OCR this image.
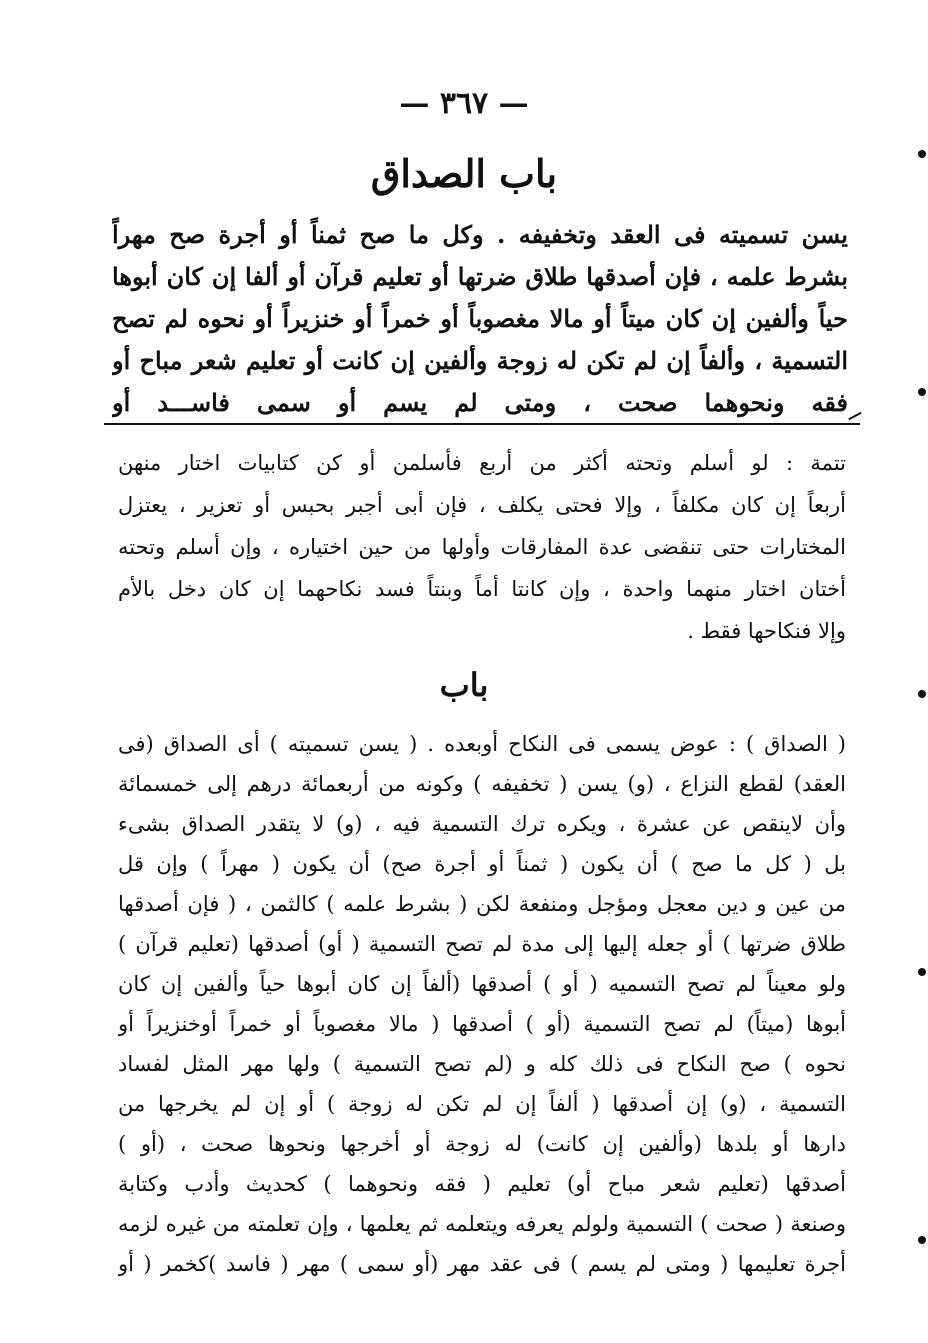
— ٣٦٧ —
باب الصداق
يسن تسميته فى العقد وتخفيفه . وكل ما صح ثمناً أو أجرة صح مهراً
بشرط علمه ، فإن أصدقها طلاق ضرتها أو تعليم قرآن أو ألفا إن كان أبوها
حياً وألفين إن كان ميتاً أو مالا مغصوباً أو خمراً أو خنزيراً أو نحوه لم تصح
التسمية ، وألفاً إن لم تكن له زوجة وألفين إن كانت أو تعليم شعر مباح أو
فقه ونحوهما صحت ، ومتى لم يسم أو سمى فاســـد أو
تتمة : لو أسلم وتحته أكثر من أربع فأسلمن أو كن كتابيات اختار منهن
أربعاً إن كان مكلفاً ، وإلا فحتى يكلف ، فإن أبى أجبر بحبس أو تعزير ، يعتزل
المختارات حتى تنقضى عدة المفارقات وأولها من حين اختياره ، وإن أسلم وتحته
أختان اختار منهما واحدة ، وإن كانتا أماً وبنتاً فسد نكاحهما إن كان دخل بالأم
وإلا فنكاحها فقط .
باب
( الصداق ) : عوض يسمى فى النكاح أوبعده . ( يسن تسميته ) أى الصداق (فى
العقد) لقطع النزاع ، (و) يسن ( تخفيفه ) وكونه من أربعمائة درهم إلى خمسمائة
وأن لاينقص عن عشرة ، ويكره ترك التسمية فيه ، (و) لا يتقدر الصداق بشىء
بل ( كل ما صح ) أن يكون ( ثمناً أو أجرة صح) أن يكون ( مهراً ) وإن قل
من عين و دين معجل ومؤجل ومنفعة لكن ( بشرط علمه ) كالثمن ، ( فإن أصدقها
طلاق ضرتها ) أو جعله إليها إلى مدة لم تصح التسمية ( أو) أصدقها (تعليم قرآن )
ولو معيناً لم تصح التسميه ( أو ) أصدقها (ألفاً إن كان أبوها حياً وألفين إن كان
أبوها (ميتاً) لم تصح التسمية (أو ) أصدقها ( مالا مغصوباً أو خمراً أوخنزيراً أو
نحوه ) صح النكاح فى ذلك كله و (لم تصح التسمية ) ولها مهر المثل لفساد
التسمية ، (و) إن أصدقها ( ألفاً إن لم تكن له زوجة ) أو إن لم يخرجها من
دارها أو بلدها (وألفين إن كانت) له زوجة أو أخرجها ونحوها صحت ، (أو )
أصدقها (تعليم شعر مباح أو) تعليم ( فقه ونحوهما ) كحديث وأدب وكتابة
وصنعة ( صحت ) التسمية ولولم يعرفه ويتعلمه ثم يعلمها ، وإن تعلمته من غيره لزمه
أجرة تعليمها ( ومتى لم يسم ) فى عقد مهر (أو سمى ) مهر ( فاسد )كخمر ( أو
